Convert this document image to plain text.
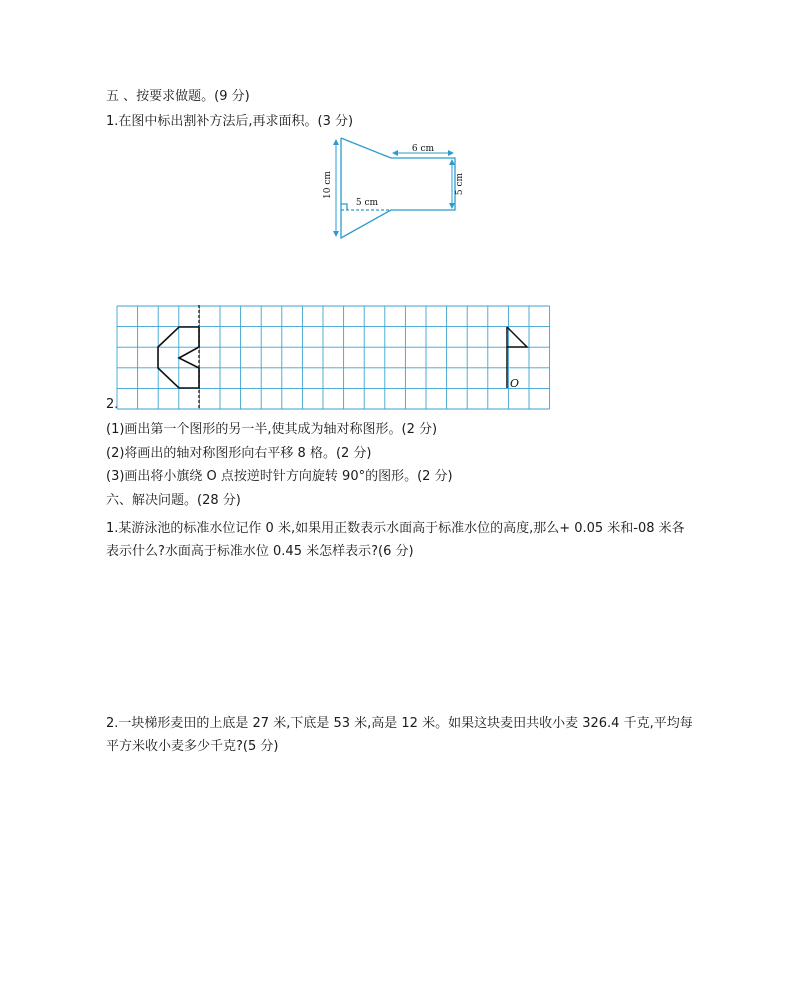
五 、按要求做题。(9 分)
1.在图中标出割补方法后,再求面积。(3 分)
6 cm
5 cm
10 cm
5 cm
2.
O
(1)画出第一个图形的另一半,使其成为轴对称图形。(2 分)
(2)将画出的轴对称图形向右平移 8 格。(2 分)
(3)画出将小旗绕 O 点按逆时针方向旋转 90°的图形。(2 分)
六、解决问题。(28 分)
1.某游泳池的标准水位记作 0 米,如果用正数表示水面高于标准水位的高度,那么+ 0.05 米和-08 米各表示什么?水面高于标准水位 0.45 米怎样表示?(6 分)
2.一块梯形麦田的上底是 27 米,下底是 53 米,高是 12 米。如果这块麦田共收小麦 326.4 千克,平均每平方米收小麦多少千克?(5 分)
